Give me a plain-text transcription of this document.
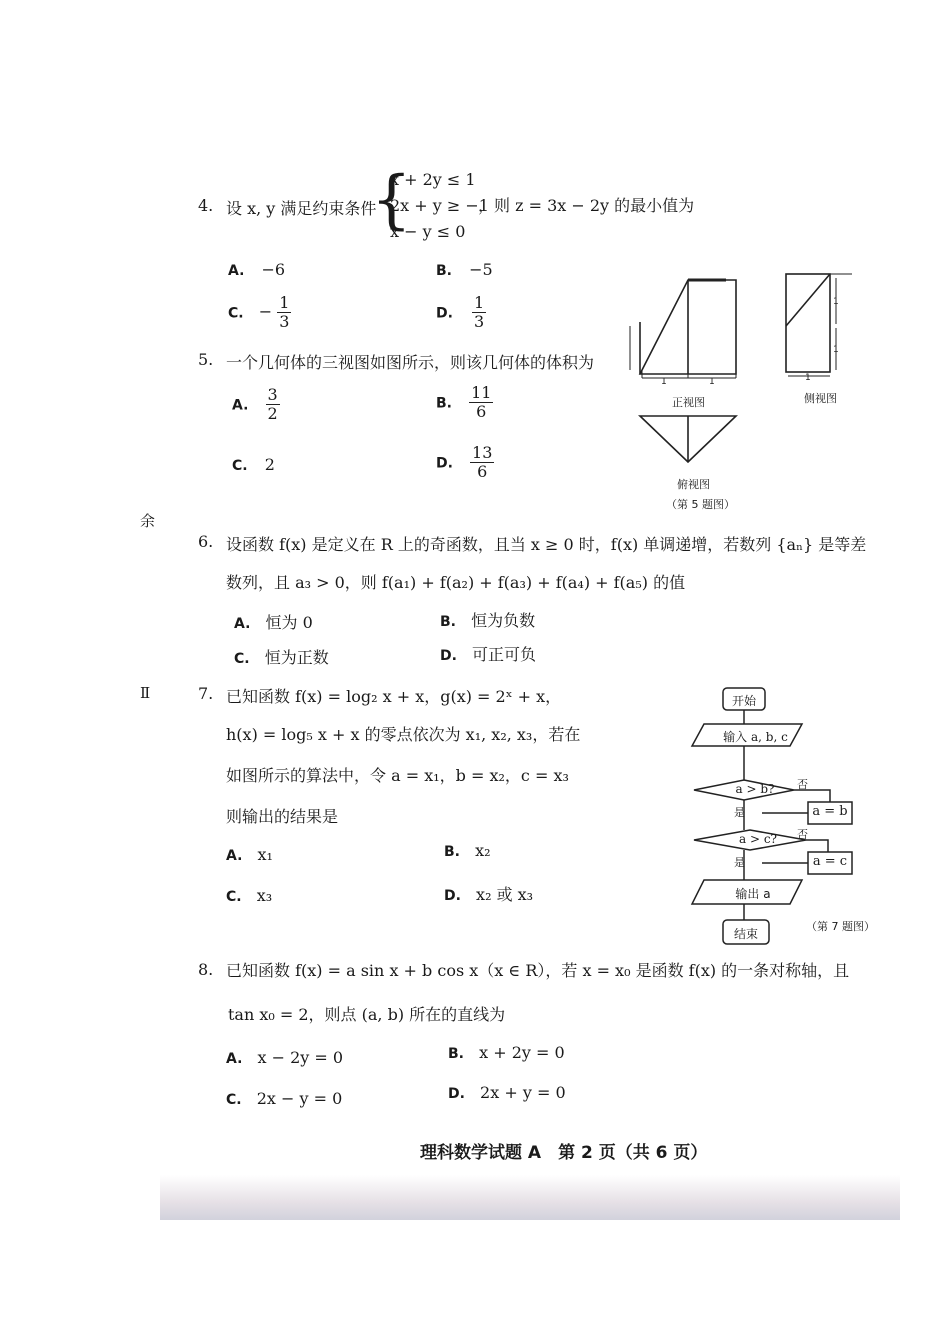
余
Ⅱ
4. 设 x, y 满足约束条件
{
x + 2y ≤ 1
2x + y ≥ −1
x − y ≤ 0
，则 z = 3x − 2y 的最小值为
A. −6	B. −5
C. − $\frac{1}{3}$	D. $\frac{1}{3}$
5. 一个几何体的三视图如图所示，则该几何体的体积为
A. $\frac{3}{2}$	B. $\frac{11}{6}$
C. 2	D. $\frac{13}{6}$
1	1	1
1
1
正视图	侧视图
俯视图
（第 5 题图）
6. 设函数 f(x) 是定义在 R 上的奇函数，且当 x ≥ 0 时，f(x) 单调递增，若数列 {aₙ} 是等差
数列，且 a₃ > 0，则 f(a₁) + f(a₂) + f(a₃) + f(a₄) + f(a₅) 的值
A. 恒为 0	B. 恒为负数
C. 恒为正数	D. 可正可负
7. 已知函数 f(x) = log₂ x + x，g(x) = 2ˣ + x，
h(x) = log₅ x + x 的零点依次为 x₁, x₂, x₃，若在
如图所示的算法中，令 a = x₁，b = x₂，c = x₃
则输出的结果是
A. x₁	B. x₂
C. x₃	D. x₂ 或 x₃
开始
输入 a, b, c
a > b?
a = b
a > c?
a = c
输出 a
结束
否
是
否
是
（第 7 题图）
8. 已知函数 f(x) = a sin x + b cos x（x ∈ R），若 x = x₀ 是函数 f(x) 的一条对称轴，且
tan x₀ = 2，则点 (a, b) 所在的直线为
A. x − 2y = 0	B. x + 2y = 0
C. 2x − y = 0	D. 2x + y = 0
理科数学试题 A　第 2 页（共 6 页）
